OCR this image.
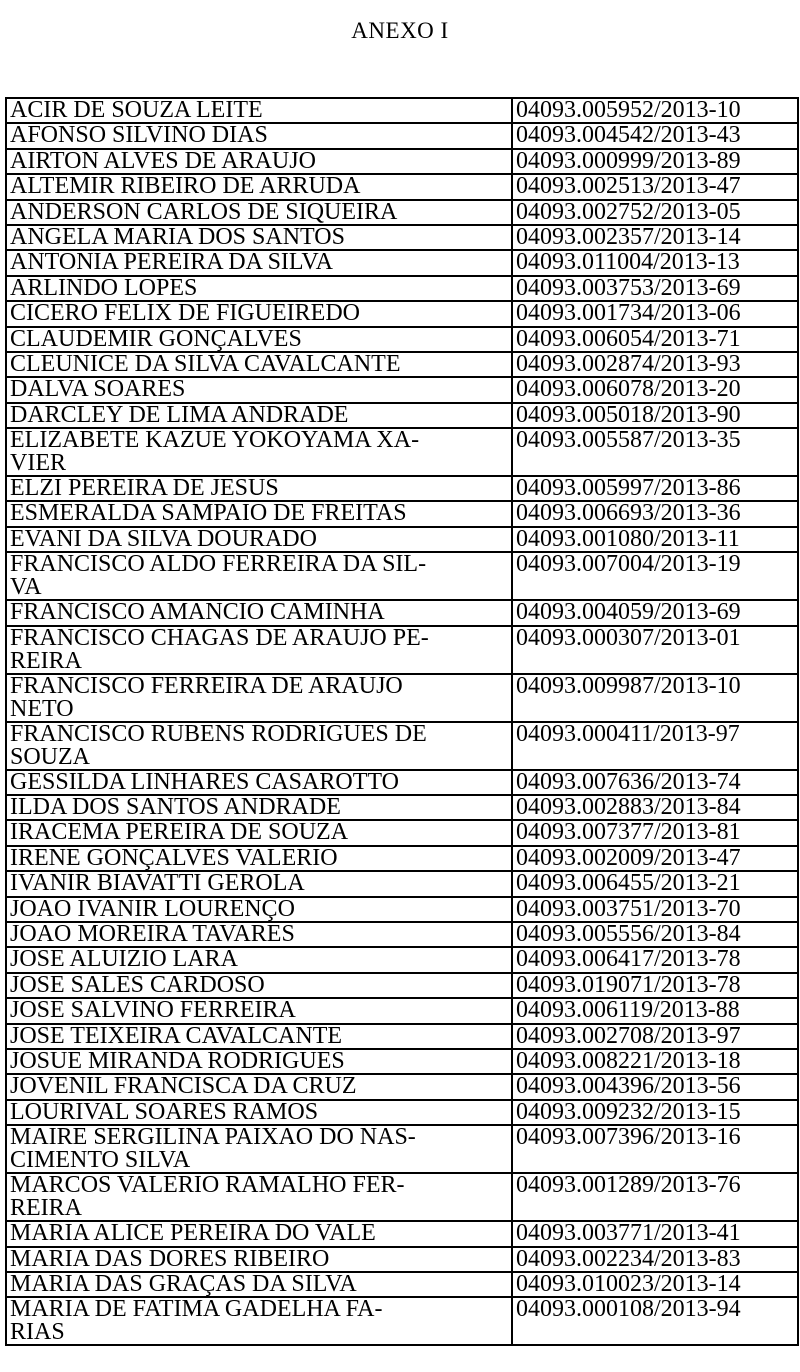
ANEXO I
ACIR DE SOUZA LEITE	04093.005952/2013-10
AFONSO SILVINO DIAS	04093.004542/2013-43
AIRTON ALVES DE ARAUJO	04093.000999/2013-89
ALTEMIR RIBEIRO DE ARRUDA	04093.002513/2013-47
ANDERSON CARLOS DE SIQUEIRA	04093.002752/2013-05
ANGELA MARIA DOS SANTOS	04093.002357/2013-14
ANTONIA PEREIRA DA SILVA	04093.011004/2013-13
ARLINDO LOPES	04093.003753/2013-69
CICERO FELIX DE FIGUEIREDO	04093.001734/2013-06
CLAUDEMIR GONÇALVES	04093.006054/2013-71
CLEUNICE DA SILVA CAVALCANTE	04093.002874/2013-93
DALVA SOARES	04093.006078/2013-20
DARCLEY DE LIMA ANDRADE	04093.005018/2013-90
ELIZABETE KAZUE YOKOYAMA XA-
VIER	04093.005587/2013-35
ELZI PEREIRA DE JESUS	04093.005997/2013-86
ESMERALDA SAMPAIO DE FREITAS	04093.006693/2013-36
EVANI DA SILVA DOURADO	04093.001080/2013-11
FRANCISCO ALDO FERREIRA DA SIL-
VA	04093.007004/2013-19
FRANCISCO AMANCIO CAMINHA	04093.004059/2013-69
FRANCISCO CHAGAS DE ARAUJO PE-
REIRA	04093.000307/2013-01
FRANCISCO FERREIRA DE ARAUJO
NETO	04093.009987/2013-10
FRANCISCO RUBENS RODRIGUES DE
SOUZA	04093.000411/2013-97
GESSILDA LINHARES CASAROTTO	04093.007636/2013-74
ILDA DOS SANTOS ANDRADE	04093.002883/2013-84
IRACEMA PEREIRA DE SOUZA	04093.007377/2013-81
IRENE GONÇALVES VALERIO	04093.002009/2013-47
IVANIR BIAVATTI GEROLA	04093.006455/2013-21
JOAO IVANIR LOURENÇO	04093.003751/2013-70
JOAO MOREIRA TAVARES	04093.005556/2013-84
JOSE ALUIZIO LARA	04093.006417/2013-78
JOSE SALES CARDOSO	04093.019071/2013-78
JOSE SALVINO FERREIRA	04093.006119/2013-88
JOSE TEIXEIRA CAVALCANTE	04093.002708/2013-97
JOSUE MIRANDA RODRIGUES	04093.008221/2013-18
JOVENIL FRANCISCA DA CRUZ	04093.004396/2013-56
LOURIVAL SOARES RAMOS	04093.009232/2013-15
MAIRE SERGILINA PAIXAO DO NAS-
CIMENTO SILVA	04093.007396/2013-16
MARCOS VALERIO RAMALHO FER-
REIRA	04093.001289/2013-76
MARIA ALICE PEREIRA DO VALE	04093.003771/2013-41
MARIA DAS DORES RIBEIRO	04093.002234/2013-83
MARIA DAS GRAÇAS DA SILVA	04093.010023/2013-14
MARIA DE FATIMA GADELHA FA-
RIAS	04093.000108/2013-94
